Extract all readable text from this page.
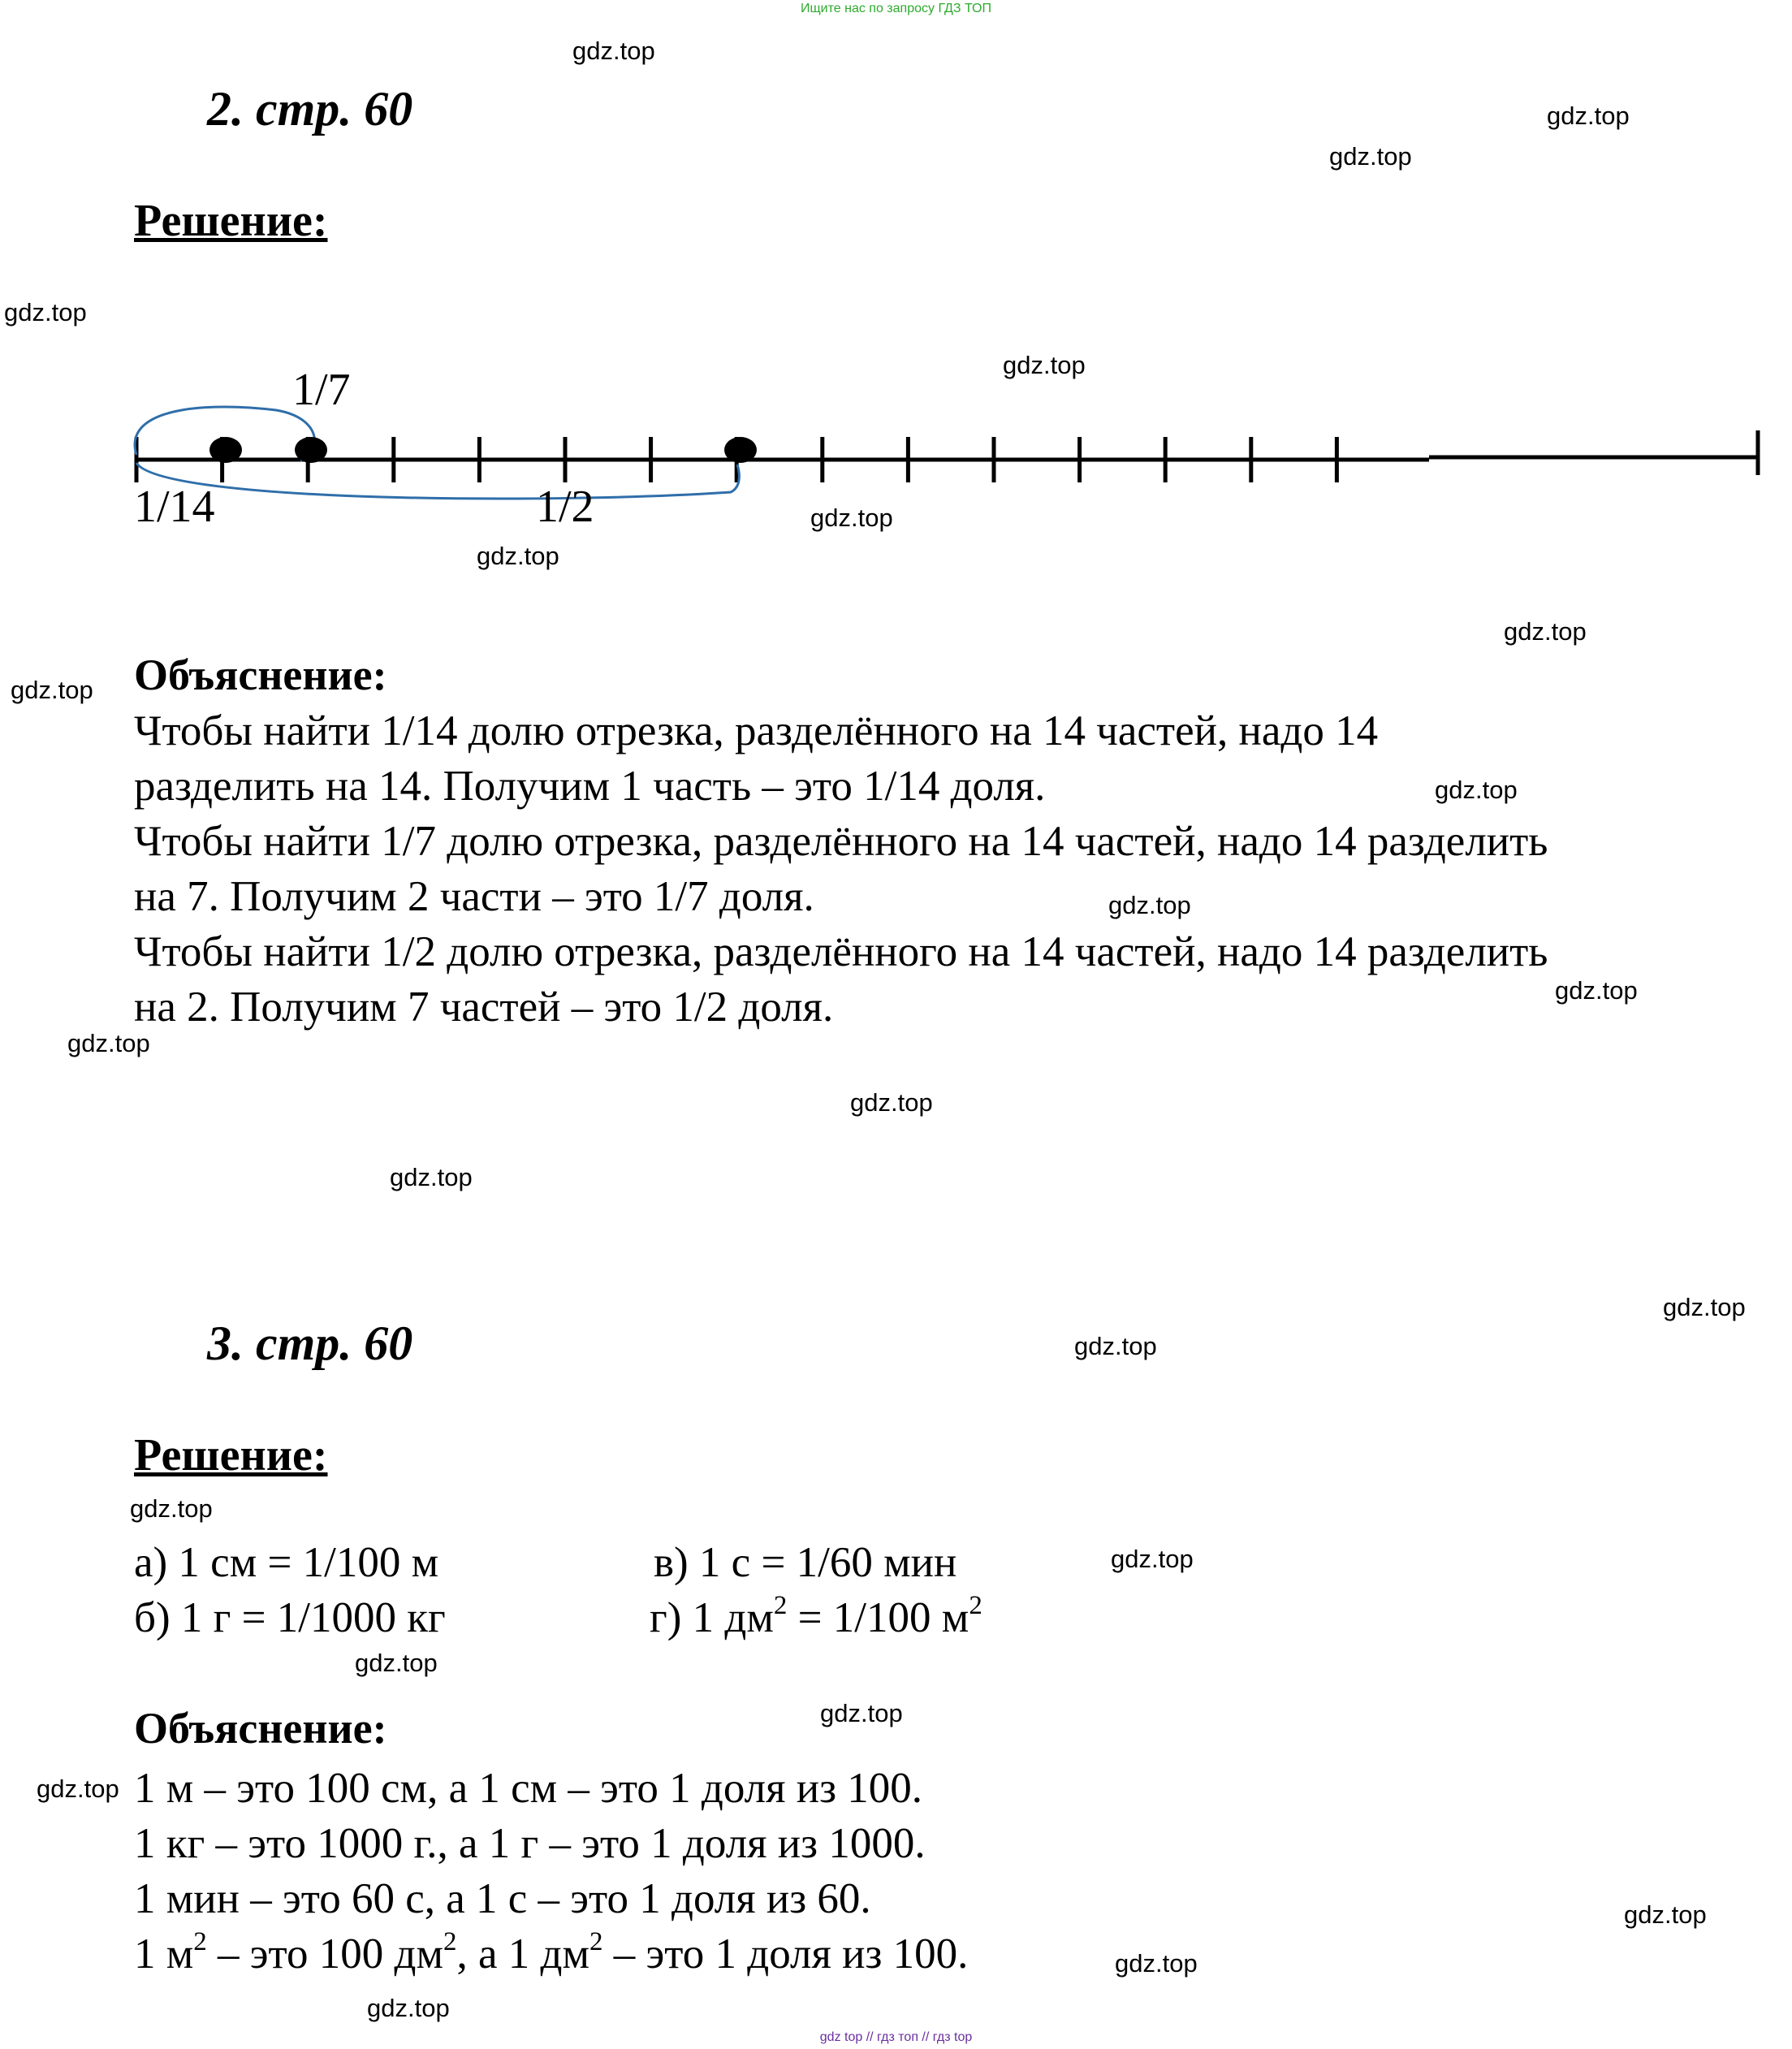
Ищите нас по запросу ГДЗ ТОП
2. стр. 60
Решение:
1/7
1/14	1/2
Объяснение:

Чтобы найти 1/14 долю отрезка, разделённого на 14 частей, надо 14
разделить на 14. Получим 1 часть – это 1/14 доля.

Чтобы найти 1/7 долю отрезка, разделённого на 14 частей, надо 14 разделить
на 7. Получим 2 части – это 1/7 доля.

Чтобы найти 1/2 долю отрезка, разделённого на 14 частей, надо 14 разделить
на 2. Получим 7 частей – это 1/2 доля.

3. стр. 60
Решение:
а) 1 см = 1/100 м
б) 1 г = 1/1000 кг
в) 1 с = 1/60 мин
г) 1 $дм^2 = 1/100$ $м^2$
Объяснение:
1 м – это 100 см, а 1 см – это 1 доля из 100.
1 кг – это 1000 г., а 1 г – это 1 доля из 1000.
1 мин – это 60 с, а 1 с – это 1 доля из 60.
1 $м^2$ – это 100 $дм^2$, а 1 $дм^2$ – это 1 доля из 100.
gdz.top
gdz.top
gdz.top
gdz.top
gdz.top
gdz.top
gdz.top
gdz.top
gdz.top
gdz.top
gdz.top
gdz.top
gdz.top
gdz.top
gdz.top
gdz.top
gdz.top
gdz.top
gdz.top
gdz.top
gdz.top
gdz.top
gdz.top
gdz.top
gdz.top
gdz top // гдз топ // гдз top
